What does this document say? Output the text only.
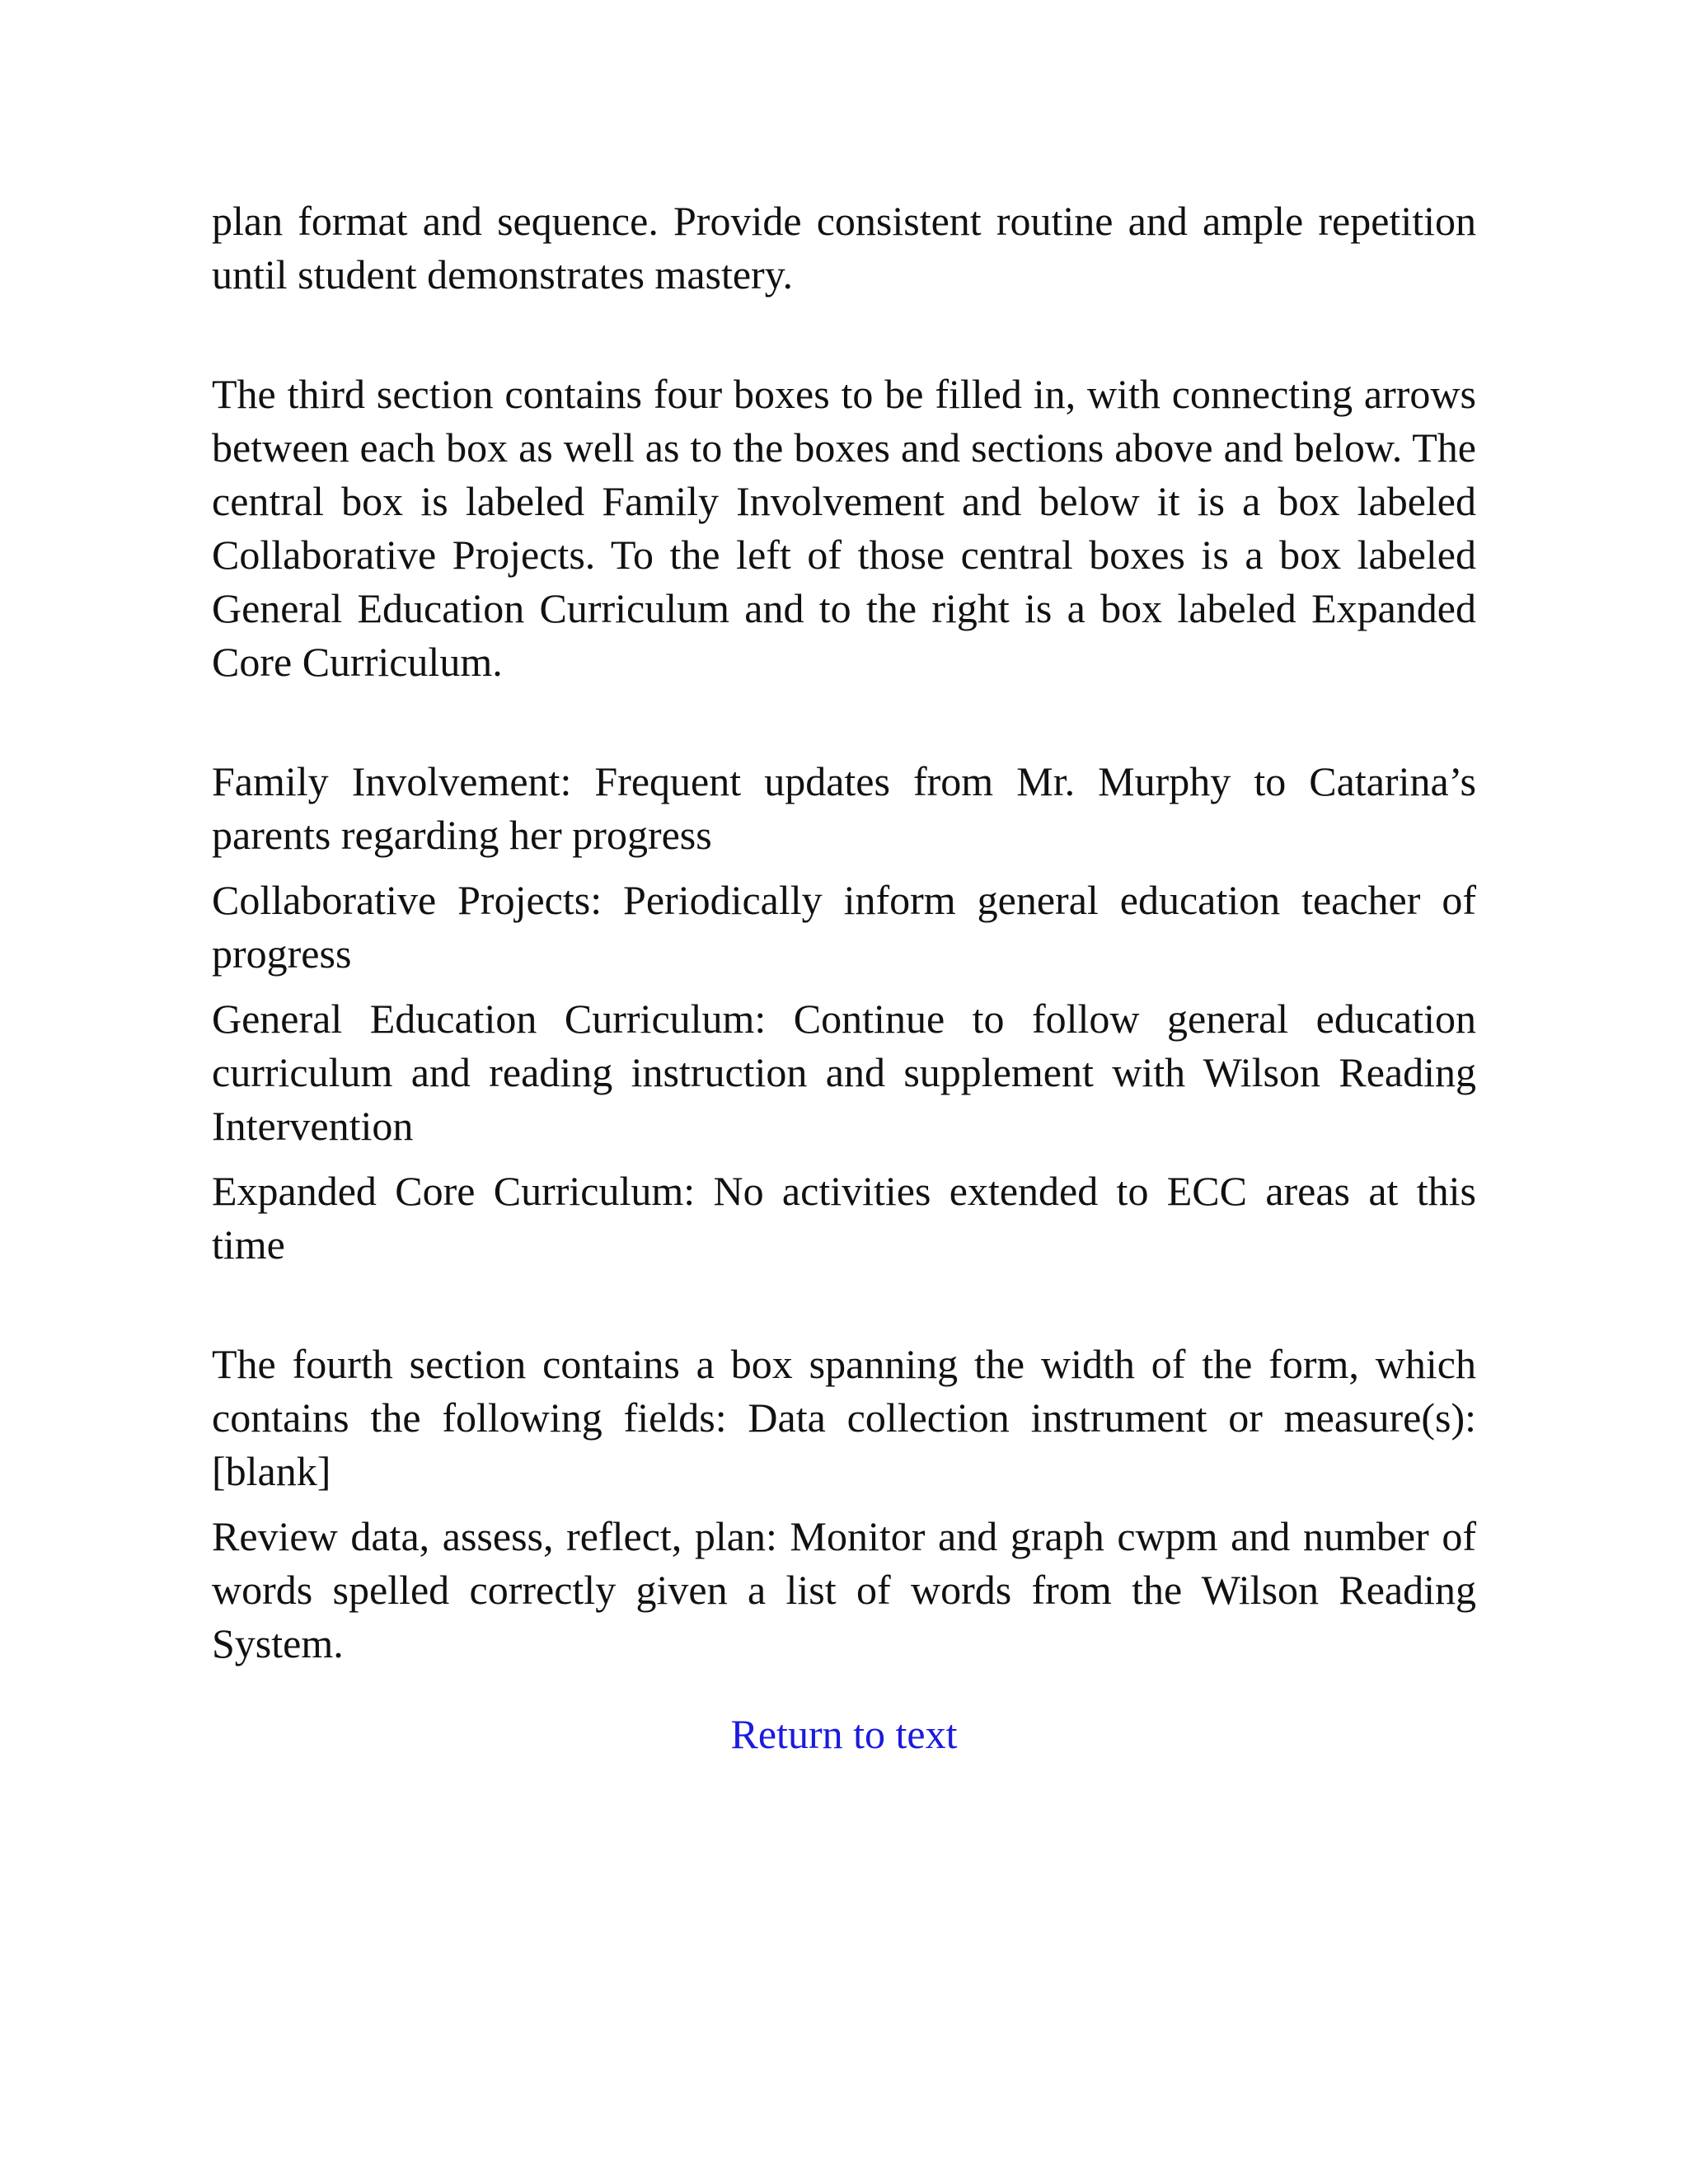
plan format and sequence. Provide consistent routine and ample repetition until student demonstrates mastery.

The third section contains four boxes to be filled in, with connecting arrows between each box as well as to the boxes and sections above and below. The central box is labeled Family Involvement and below it is a box labeled Collaborative Projects. To the left of those central boxes is a box labeled General Education Curriculum and to the right is a box labeled Expanded Core Curriculum.

Family Involvement: Frequent updates from Mr. Murphy to Catarina’s parents regarding her progress

Collaborative Projects: Periodically inform general education teacher of progress

General Education Curriculum: Continue to follow general education curriculum and reading instruction and supplement with Wilson Reading Intervention

Expanded Core Curriculum: No activities extended to ECC areas at this time

The fourth section contains a box spanning the width of the form, which contains the following fields: Data collection instrument or measure(s): [blank]

Review data, assess, reflect, plan: Monitor and graph cwpm and number of words spelled correctly given a list of words from the Wilson Reading System.

Return to text
